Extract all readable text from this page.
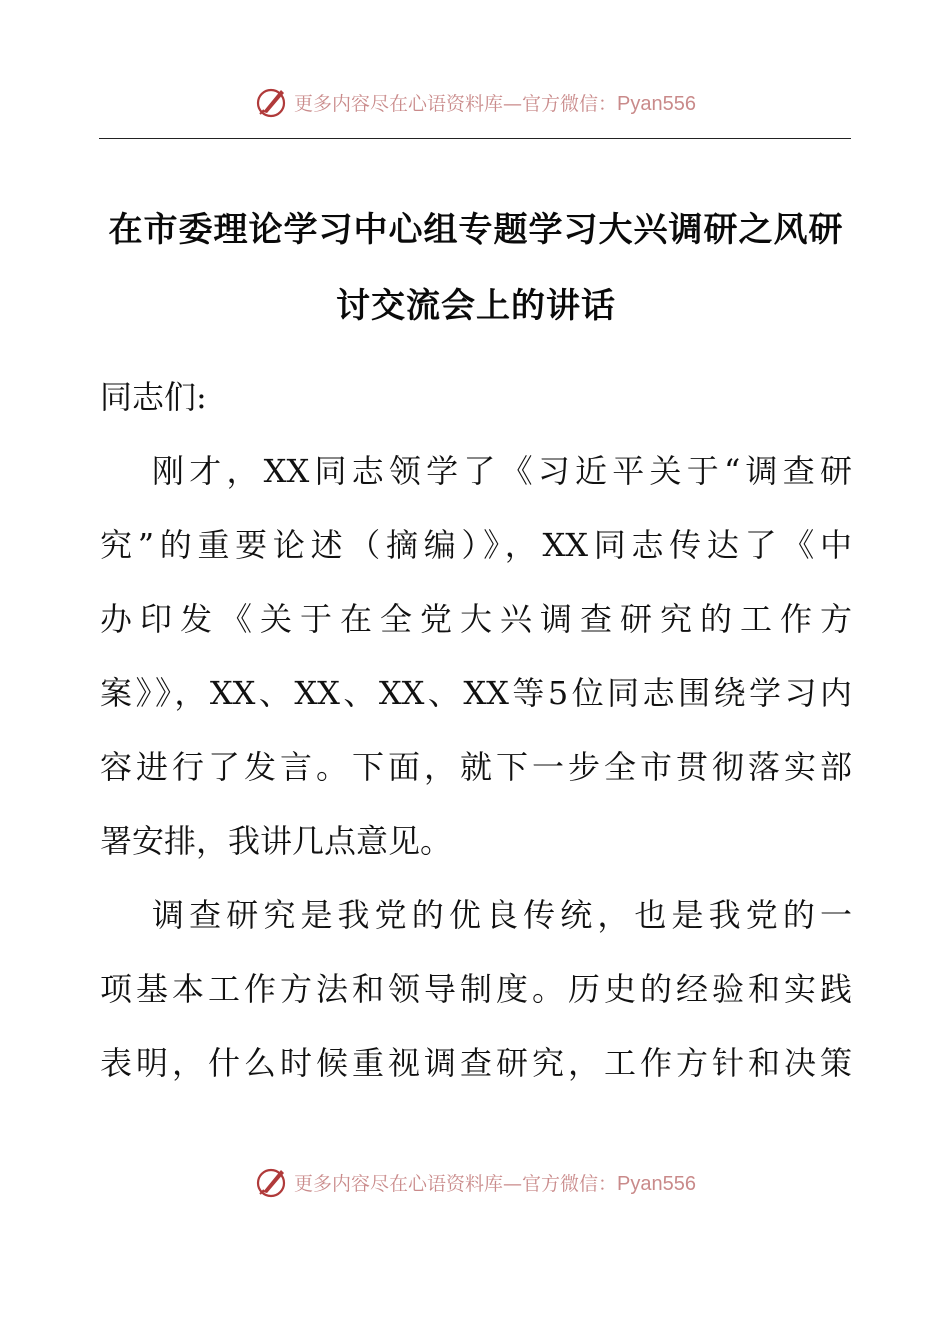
更多内容尽在心语资料库—官方微信：Pyan556
在市委理论学习中心组专题学习大兴调研之风研
讨交流会上的讲话

同志们:

刚才，XX同志领学了《习近平关于“调查研
究”的重要论述（摘编）》，XX同志传达了《中
办印发《关于在全党大兴调查研究的工作方
案》》，XX、XX、XX、XX等5位同志围绕学习内
容进行了发言。下面，就下一步全市贯彻落实部
署安排，我讲几点意见。

调查研究是我党的优良传统，也是我党的一
项基本工作方法和领导制度。历史的经验和实践
表明，什么时候重视调查研究，工作方针和决策

更多内容尽在心语资料库—官方微信：Pyan556
